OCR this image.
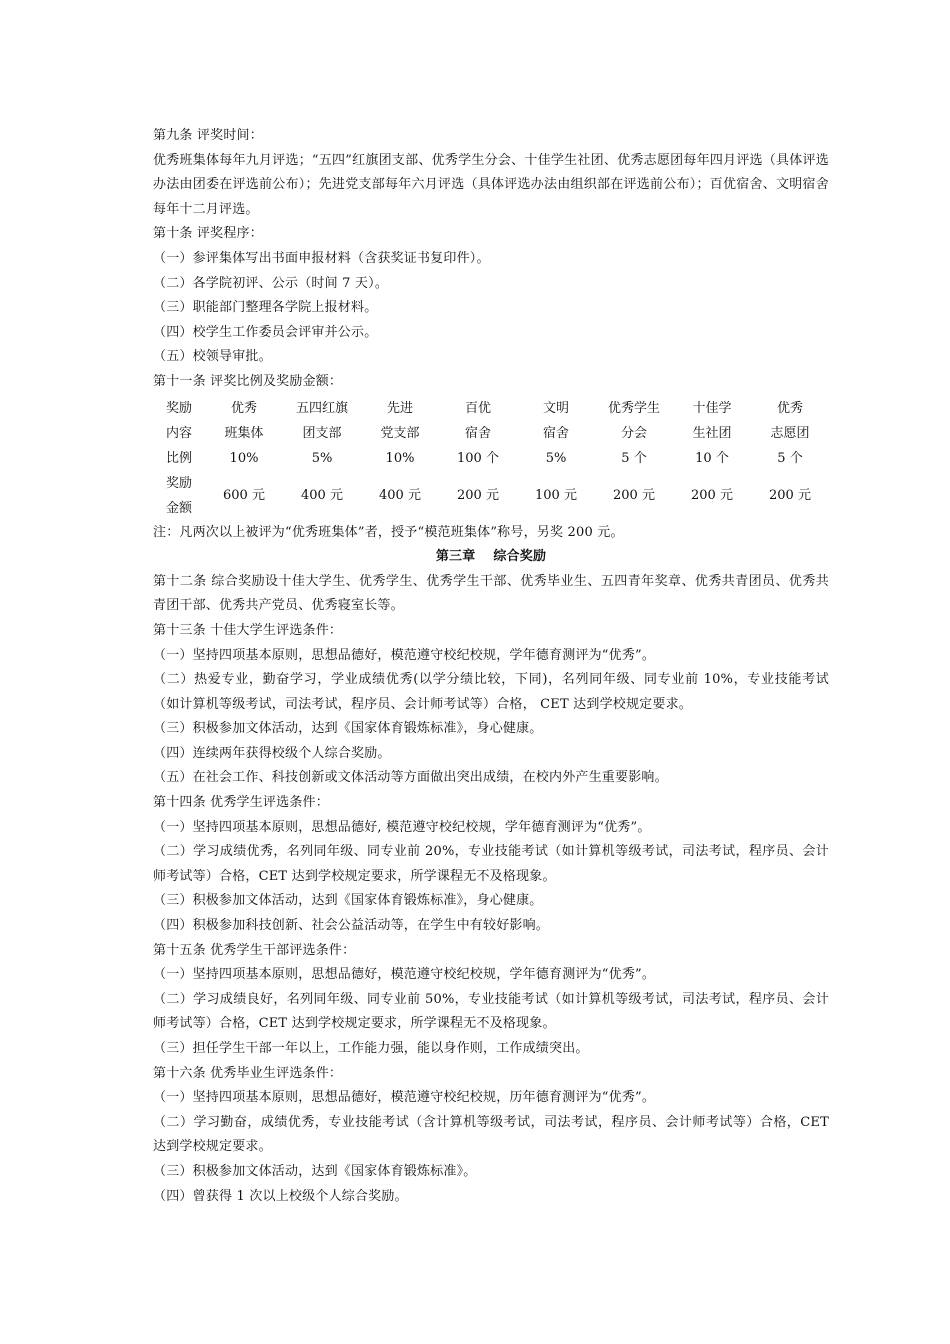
第九条 评奖时间：
优秀班集体每年九月评选；“五四”红旗团支部、优秀学生分会、十佳学生社团、优秀志愿团每年四月评选（具体评选办法由团委在评选前公布）；先进党支部每年六月评选（具体评选办法由组织部在评选前公布）；百优宿舍、文明宿舍每年十二月评选。
第十条 评奖程序：
（一）参评集体写出书面申报材料（含获奖证书复印件）。
（二）各学院初评、公示（时间 7 天）。
（三）职能部门整理各学院上报材料。
（四）校学生工作委员会评审并公示。
（五）校领导审批。
第十一条 评奖比例及奖励金额：
奖励	优秀	五四红旗	先进	百优	文明	优秀学生	十佳学	优秀
内容	班集体	团支部	党支部	宿舍	宿舍	分会	生社团	志愿团
比例	10%	5%	10%	100 个	5%	5 个	10 个	5 个

奖励
金额	600 元	400 元	400 元	200 元	100 元	200 元	200 元	200 元
注：凡两次以上被评为“优秀班集体”者，授予“模范班集体”称号，另奖 200 元。
第三章　 综合奖励
第十二条 综合奖励设十佳大学生、优秀学生、优秀学生干部、优秀毕业生、五四青年奖章、优秀共青团员、优秀共青团干部、优秀共产党员、优秀寝室长等。
第十三条 十佳大学生评选条件：
（一）坚持四项基本原则，思想品德好，模范遵守校纪校规，学年德育测评为“优秀”。
（二）热爱专业，勤奋学习，学业成绩优秀(以学分绩比较，下同)，名列同年级、同专业前 10%，专业技能考试（如计算机等级考试，司法考试，程序员、会计师考试等）合格， CET 达到学校规定要求。
（三）积极参加文体活动，达到《国家体育锻炼标准》，身心健康。
（四）连续两年获得校级个人综合奖励。
（五）在社会工作、科技创新或文体活动等方面做出突出成绩，在校内外产生重要影响。
第十四条 优秀学生评选条件：
（一）坚持四项基本原则，思想品德好, 模范遵守校纪校规，学年德育测评为“优秀”。
（二）学习成绩优秀，名列同年级、同专业前 20%，专业技能考试（如计算机等级考试，司法考试，程序员、会计师考试等）合格，CET 达到学校规定要求，所学课程无不及格现象。
（三）积极参加文体活动，达到《国家体育锻炼标准》，身心健康。
（四）积极参加科技创新、社会公益活动等，在学生中有较好影响。
第十五条 优秀学生干部评选条件：
（一）坚持四项基本原则，思想品德好，模范遵守校纪校规，学年德育测评为“优秀”。
（二）学习成绩良好，名列同年级、同专业前 50%，专业技能考试（如计算机等级考试，司法考试，程序员、会计师考试等）合格，CET 达到学校规定要求，所学课程无不及格现象。
（三）担任学生干部一年以上，工作能力强，能以身作则，工作成绩突出。
第十六条 优秀毕业生评选条件：
（一）坚持四项基本原则，思想品德好，模范遵守校纪校规，历年德育测评为“优秀”。
（二）学习勤奋，成绩优秀，专业技能考试（含计算机等级考试，司法考试，程序员、会计师考试等）合格，CET 达到学校规定要求。
（三）积极参加文体活动，达到《国家体育锻炼标准》。
（四）曾获得 1 次以上校级个人综合奖励。
